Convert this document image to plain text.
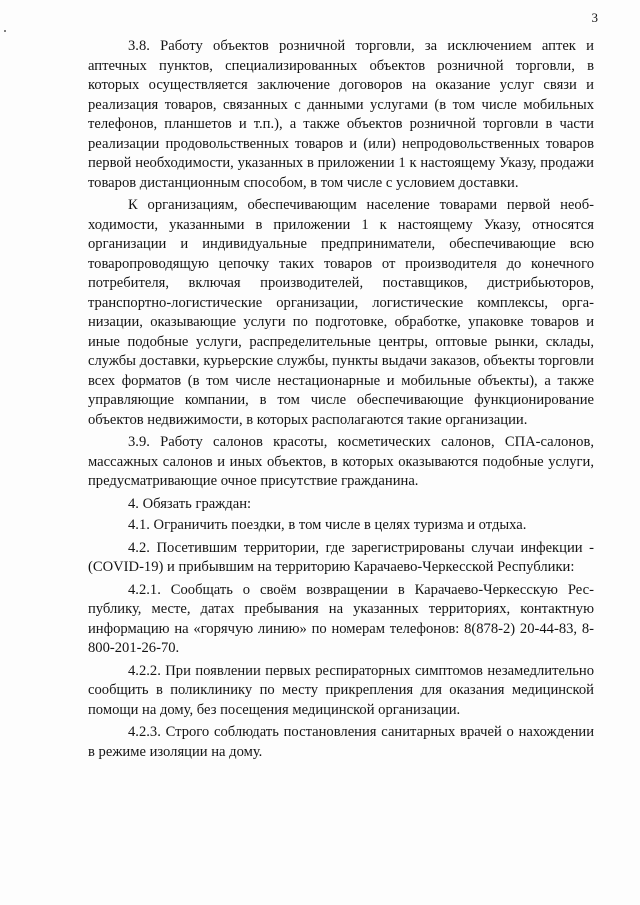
3

3.8. Работу объектов розничной торговли, за исключением аптек и аптечных пунктов, специализированных объектов розничной торговли, в которых осуществляется заключение договоров на оказание услуг связи и реализация товаров, связанных с данными услугами (в том числе мобильных телефонов, планшетов и т.п.), а также объектов розничной торговли в части реализации продовольственных товаров и (или) непродовольственных товаров первой необходимости, указанных в приложении 1 к настоящему Указу, продажи товаров дистанционным способом, в том числе с условием доставки.

К организациям, обеспечивающим население товарами первой необходимости, указанными в приложении 1 к настоящему Указу, относятся организации и индивидуальные предприниматели, обеспечивающие всю товаропроводящую цепочку таких товаров от производителя до конечного потребителя, включая производителей, поставщиков, дистрибьюторов, транспортно-логистические организации, логистические комплексы, организации, оказывающие услуги по подготовке, обработке, упаковке товаров и иные подобные услуги, распределительные центры, оптовые рынки, склады, службы доставки, курьерские службы, пункты выдачи заказов, объекты торговли всех форматов (в том числе нестационарные и мобильные объекты), а также управляющие компании, в том числе обеспечивающие функционирование объектов недвижимости, в которых располагаются такие организации.

3.9. Работу салонов красоты, косметических салонов, СПА-салонов, массажных салонов и иных объектов, в которых оказываются подобные услуги, предусматривающие очное присутствие гражданина.

4. Обязать граждан:

4.1. Ограничить поездки, в том числе в целях туризма и отдыха.

4.2. Посетившим территории, где зарегистрированы случаи инфекции - (COVID-19) и прибывшим на территорию Карачаево-Черкесской Республики:

4.2.1. Сообщать о своём возвращении в Карачаево-Черкесскую Республику, месте, датах пребывания на указанных территориях, контактную информацию на «горячую линию» по номерам телефонов: 8(878-2) 20-44-83, 8-800-201-26-70.

4.2.2. При появлении первых респираторных симптомов незамедлительно сообщить в поликлинику по месту прикрепления для оказания медицинской помощи на дому, без посещения медицинской организации.

4.2.3. Строго соблюдать постановления санитарных врачей о нахождении в режиме изоляции на дому.
